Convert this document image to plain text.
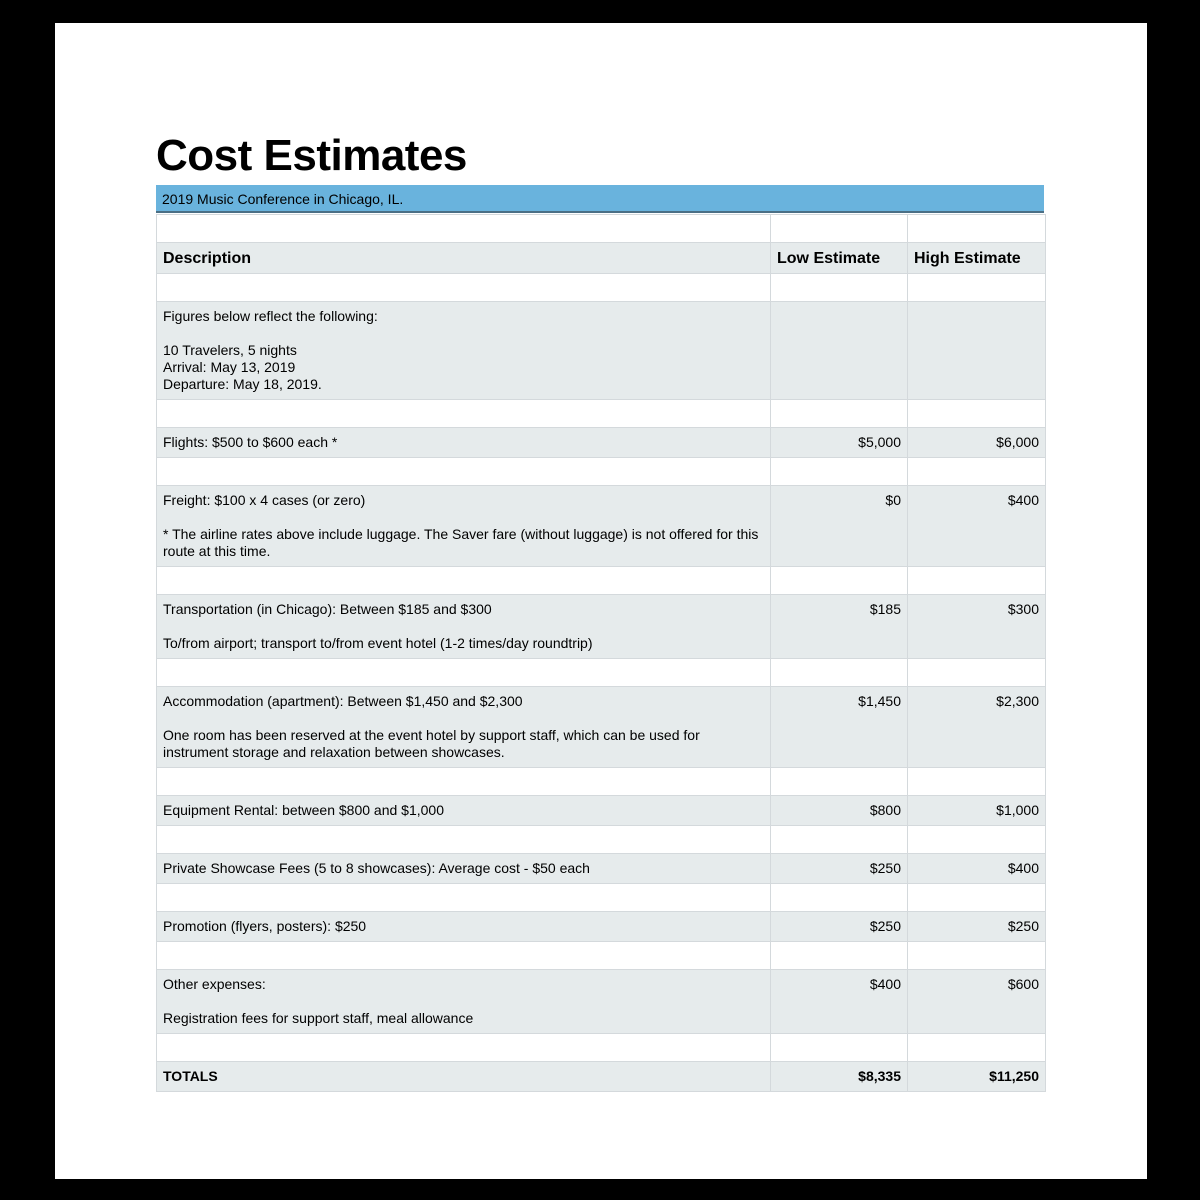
Cost Estimates
2019 Music Conference in Chicago, IL.

Description	Low Estimate	High Estimate

Figures below reflect the following:

10 Travelers, 5 nights
Arrival: May 13, 2019
Departure: May 18, 2019.		

Flights: $500 to $600 each *	$5,000	$6,000

Freight: $100 x 4 cases (or zero)

* The airline rates above include luggage. The Saver fare (without luggage) is not offered for this route at this time.	$0	$400

Transportation (in Chicago): Between $185 and $300

To/from airport; transport to/from event hotel (1-2 times/day roundtrip)	$185	$300

Accommodation (apartment): Between $1,450 and $2,300

One room has been reserved at the event hotel by support staff, which can be used for instrument storage and relaxation between showcases.	$1,450	$2,300

Equipment Rental: between $800 and $1,000	$800	$1,000

Private Showcase Fees (5 to 8 showcases): Average cost - $50 each	$250	$400

Promotion (flyers, posters): $250	$250	$250

Other expenses:

Registration fees for support staff, meal allowance	$400	$600

TOTALS	$8,335	$11,250
